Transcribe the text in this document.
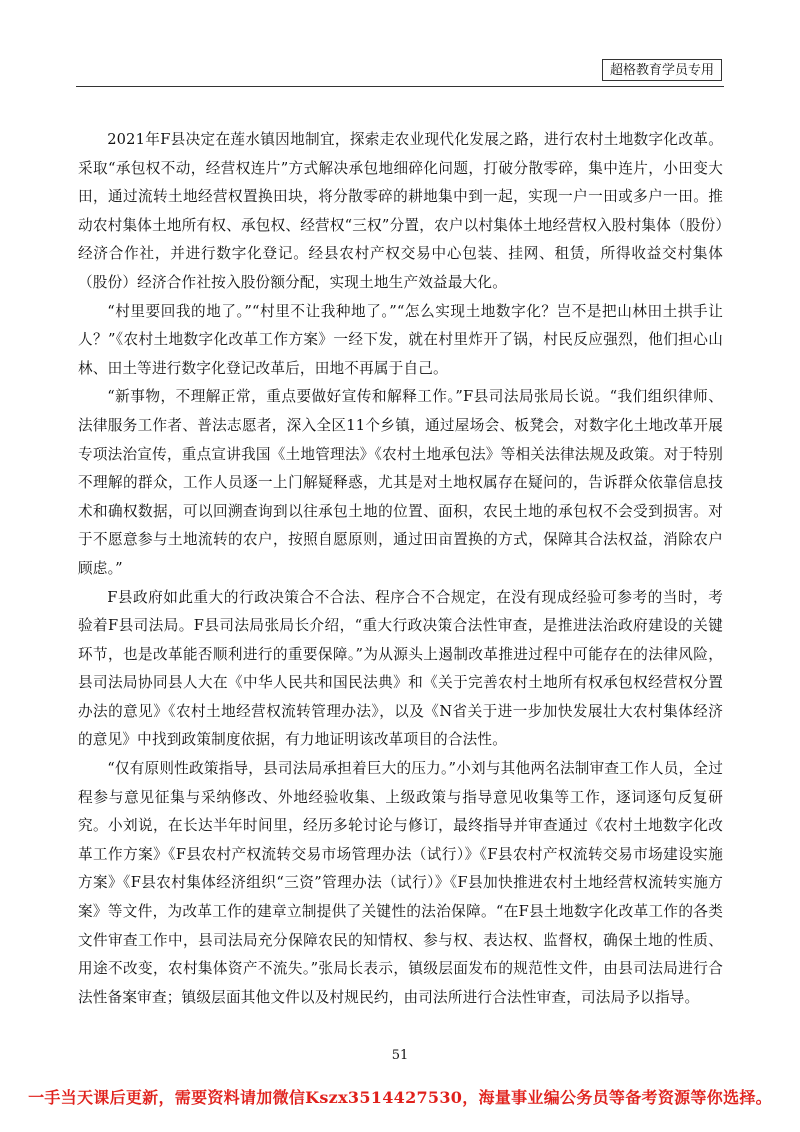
超格教育学员专用

2021年F县决定在莲水镇因地制宜，探索走农业现代化发展之路，进行农村土地数字化改革。采取“承包权不动，经营权连片”方式解决承包地细碎化问题，打破分散零碎，集中连片，小田变大田，通过流转土地经营权置换田块，将分散零碎的耕地集中到一起，实现一户一田或多户一田。推动农村集体土地所有权、承包权、经营权“三权”分置，农户以村集体土地经营权入股村集体（股份）经济合作社，并进行数字化登记。经县农村产权交易中心包装、挂网、租赁，所得收益交村集体（股份）经济合作社按入股份额分配，实现土地生产效益最大化。

“村里要回我的地了。”“村里不让我种地了。”“怎么实现土地数字化？岂不是把山林田土拱手让人？”《农村土地数字化改革工作方案》一经下发，就在村里炸开了锅，村民反应强烈，他们担心山林、田土等进行数字化登记改革后，田地不再属于自己。

“新事物，不理解正常，重点要做好宣传和解释工作。”F县司法局张局长说。“我们组织律师、法律服务工作者、普法志愿者，深入全区11个乡镇，通过屋场会、板凳会，对数字化土地改革开展专项法治宣传，重点宣讲我国《土地管理法》《农村土地承包法》等相关法律法规及政策。对于特别不理解的群众，工作人员逐一上门解疑释惑，尤其是对土地权属存在疑问的，告诉群众依靠信息技术和确权数据，可以回溯查询到以往承包土地的位置、面积，农民土地的承包权不会受到损害。对于不愿意参与土地流转的农户，按照自愿原则，通过田亩置换的方式，保障其合法权益，消除农户顾虑。”

F县政府如此重大的行政决策合不合法、程序合不合规定，在没有现成经验可参考的当时，考验着F县司法局。F县司法局张局长介绍，“重大行政决策合法性审查，是推进法治政府建设的关键环节，也是改革能否顺利进行的重要保障。”为从源头上遏制改革推进过程中可能存在的法律风险，县司法局协同县人大在《中华人民共和国民法典》和《关于完善农村土地所有权承包权经营权分置办法的意见》《农村土地经营权流转管理办法》，以及《N省关于进一步加快发展壮大农村集体经济的意见》中找到政策制度依据，有力地证明该改革项目的合法性。

“仅有原则性政策指导，县司法局承担着巨大的压力。”小刘与其他两名法制审查工作人员，全过程参与意见征集与采纳修改、外地经验收集、上级政策与指导意见收集等工作，逐词逐句反复研究。小刘说，在长达半年时间里，经历多轮讨论与修订，最终指导并审查通过《农村土地数字化改革工作方案》《F县农村产权流转交易市场管理办法（试行）》《F县农村产权流转交易市场建设实施方案》《F县农村集体经济组织“三资”管理办法（试行）》《F县加快推进农村土地经营权流转实施方案》等文件，为改革工作的建章立制提供了关键性的法治保障。“在F县土地数字化改革工作的各类文件审查工作中，县司法局充分保障农民的知情权、参与权、表达权、监督权，确保土地的性质、用途不改变，农村集体资产不流失。”张局长表示，镇级层面发布的规范性文件，由县司法局进行合法性备案审查；镇级层面其他文件以及村规民约，由司法所进行合法性审查，司法局予以指导。

51
一手当天课后更新，需要资料请加微信Kszx3514427530，海量事业编公务员等备考资源等你选择。
